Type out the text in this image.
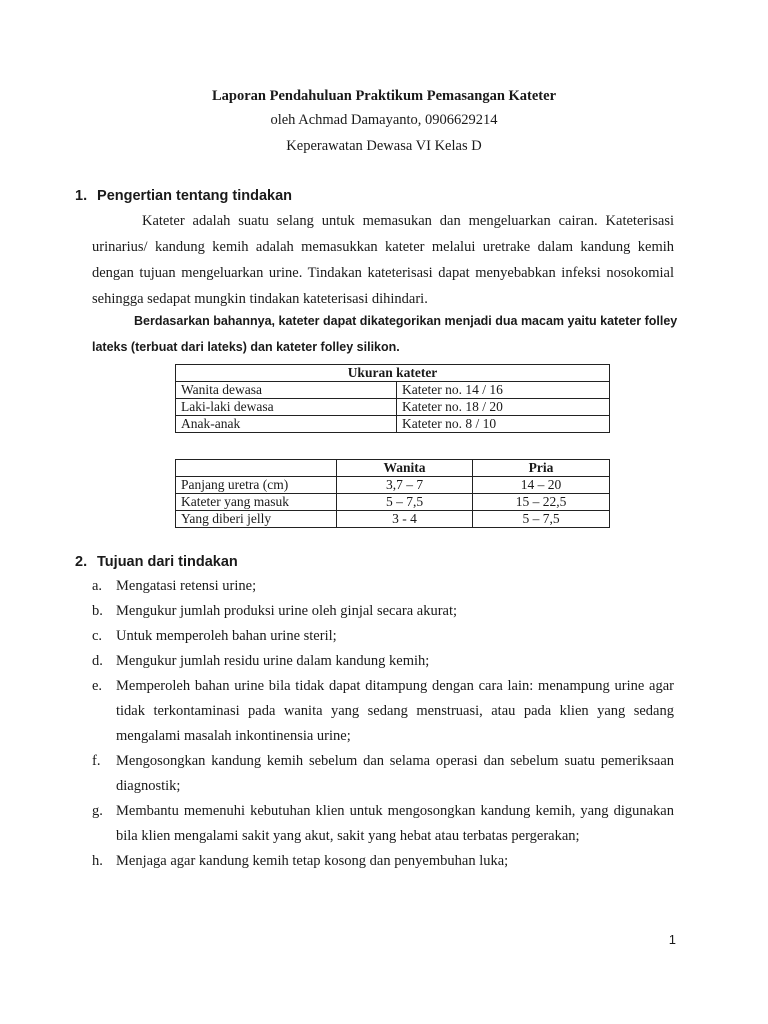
Laporan Pendahuluan Praktikum Pemasangan Kateter
oleh Achmad Damayanto, 0906629214
Keperawatan Dewasa VI Kelas D
1. Pengertian tentang tindakan

Kateter adalah suatu selang untuk memasukan dan mengeluarkan cairan. Kateterisasi urinarius/ kandung kemih adalah memasukkan kateter melalui uretrake dalam kandung kemih dengan tujuan mengeluarkan urine. Tindakan kateterisasi dapat menyebabkan infeksi nosokomial sehingga sedapat mungkin tindakan kateterisasi dihindari.

Berdasarkan bahannya, kateter dapat dikategorikan menjadi dua macam yaitu kateter folley lateks (terbuat dari lateks) dan kateter folley silikon.

Ukuran kateter	
Wanita dewasa	Kateter no. 14 / 16
Laki-laki dewasa	Kateter no. 18 / 20
Anak-anak	Kateter no. 8 / 10
	Wanita	Pria
Panjang uretra (cm)	3,7 – 7	14 – 20
Kateter yang masuk	5 – 7,5	15 – 22,5
Yang diberi jelly	3 - 4	5 – 7,5
2. Tujuan dari tindakan
a. Mengatasi retensi urine;
b. Mengukur jumlah produksi urine oleh ginjal secara akurat;
c. Untuk memperoleh bahan urine steril;
d. Mengukur jumlah residu urine dalam kandung kemih;
e. Memperoleh bahan urine bila tidak dapat ditampung dengan cara lain: menampung urine agar tidak terkontaminasi pada wanita yang sedang menstruasi, atau pada klien yang sedang mengalami masalah inkontinensia urine;
f. Mengosongkan kandung kemih sebelum dan selama operasi dan sebelum suatu pemeriksaan diagnostik;
g. Membantu memenuhi kebutuhan klien untuk mengosongkan kandung kemih, yang digunakan bila klien mengalami sakit yang akut, sakit yang hebat atau terbatas pergerakan;
h. Menjaga agar kandung kemih tetap kosong dan penyembuhan luka;
1
